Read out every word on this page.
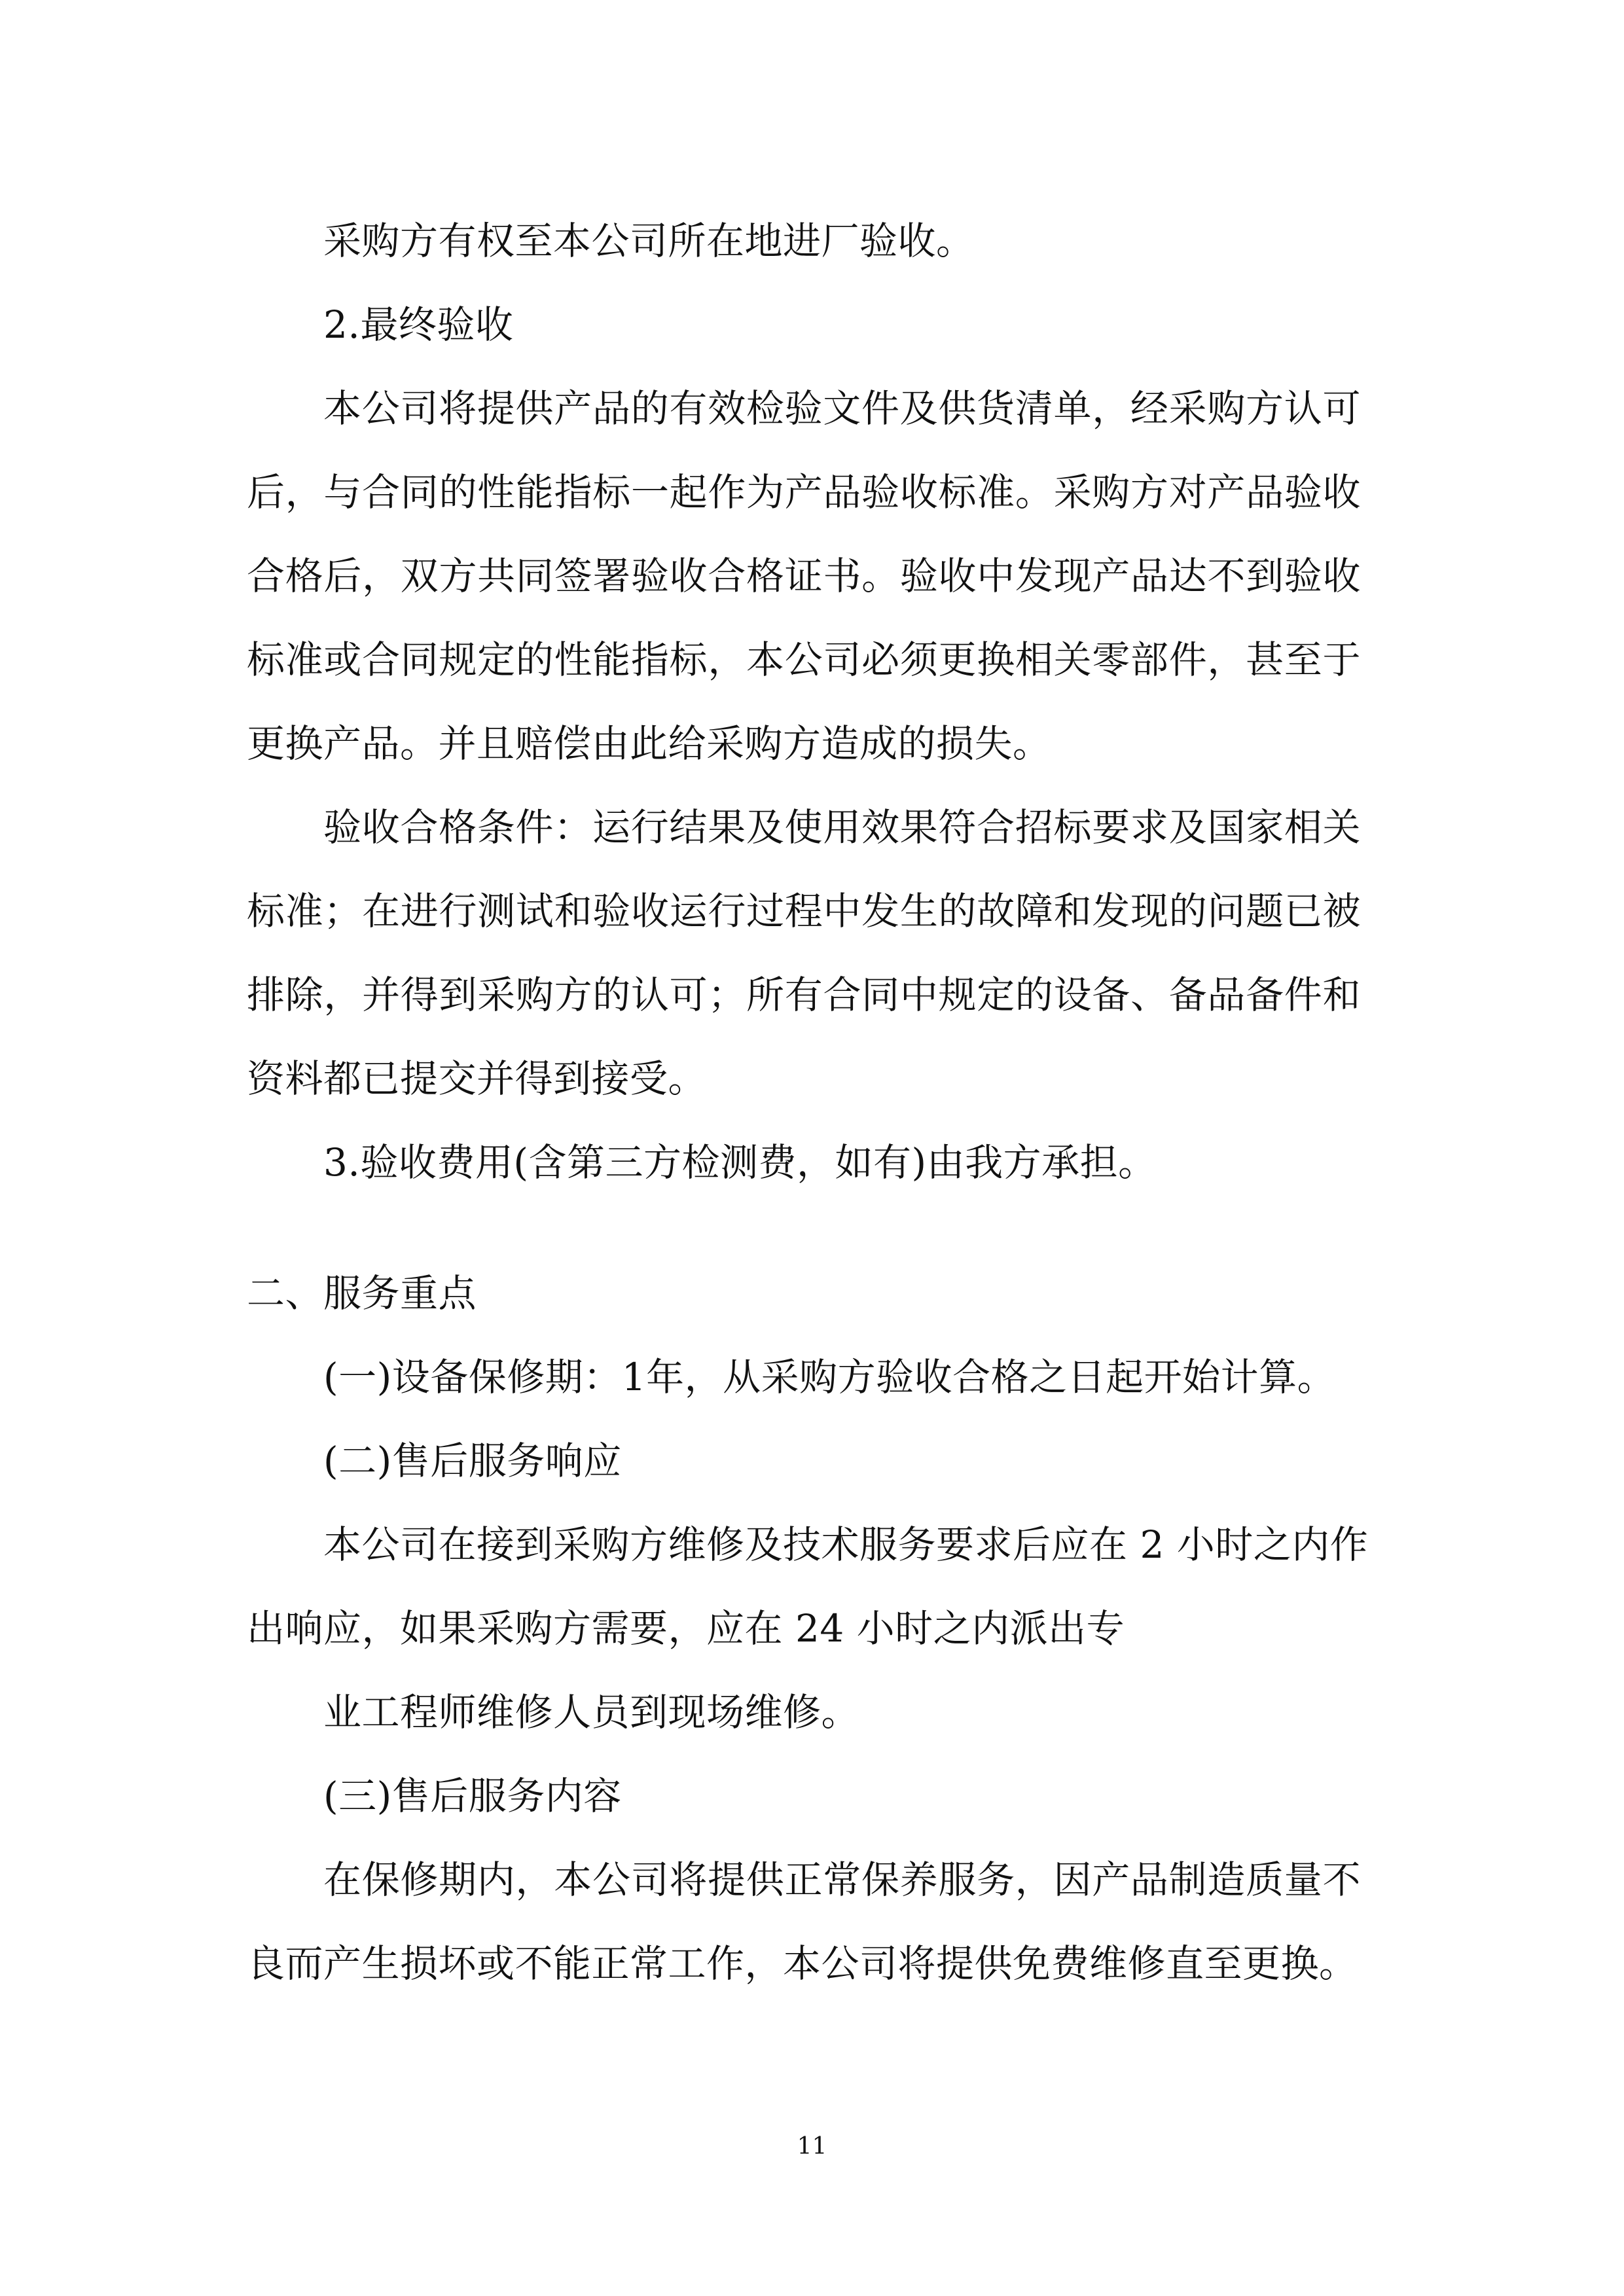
采购方有权至本公司所在地进厂验收。
2.最终验收
本公司将提供产品的有效检验文件及供货清单，经采购方认可
后，与合同的性能指标一起作为产品验收标准。采购方对产品验收
合格后，双方共同签署验收合格证书。验收中发现产品达不到验收
标准或合同规定的性能指标，本公司必须更换相关零部件，甚至于
更换产品。并且赔偿由此给采购方造成的损失。
验收合格条件：运行结果及使用效果符合招标要求及国家相关
标准；在进行测试和验收运行过程中发生的故障和发现的问题已被
排除，并得到采购方的认可；所有合同中规定的设备、备品备件和
资料都已提交并得到接受。
3.验收费用(含第三方检测费，如有)由我方承担。
二、服务重点
(一)设备保修期：1年，从采购方验收合格之日起开始计算。
(二)售后服务响应
本公司在接到采购方维修及技术服务要求后应在 2 小时之内作
出响应，如果采购方需要，应在 24 小时之内派出专
业工程师维修人员到现场维修。
(三)售后服务内容
在保修期内，本公司将提供正常保养服务，因产品制造质量不
良而产生损坏或不能正常工作，本公司将提供免费维修直至更换。
11
